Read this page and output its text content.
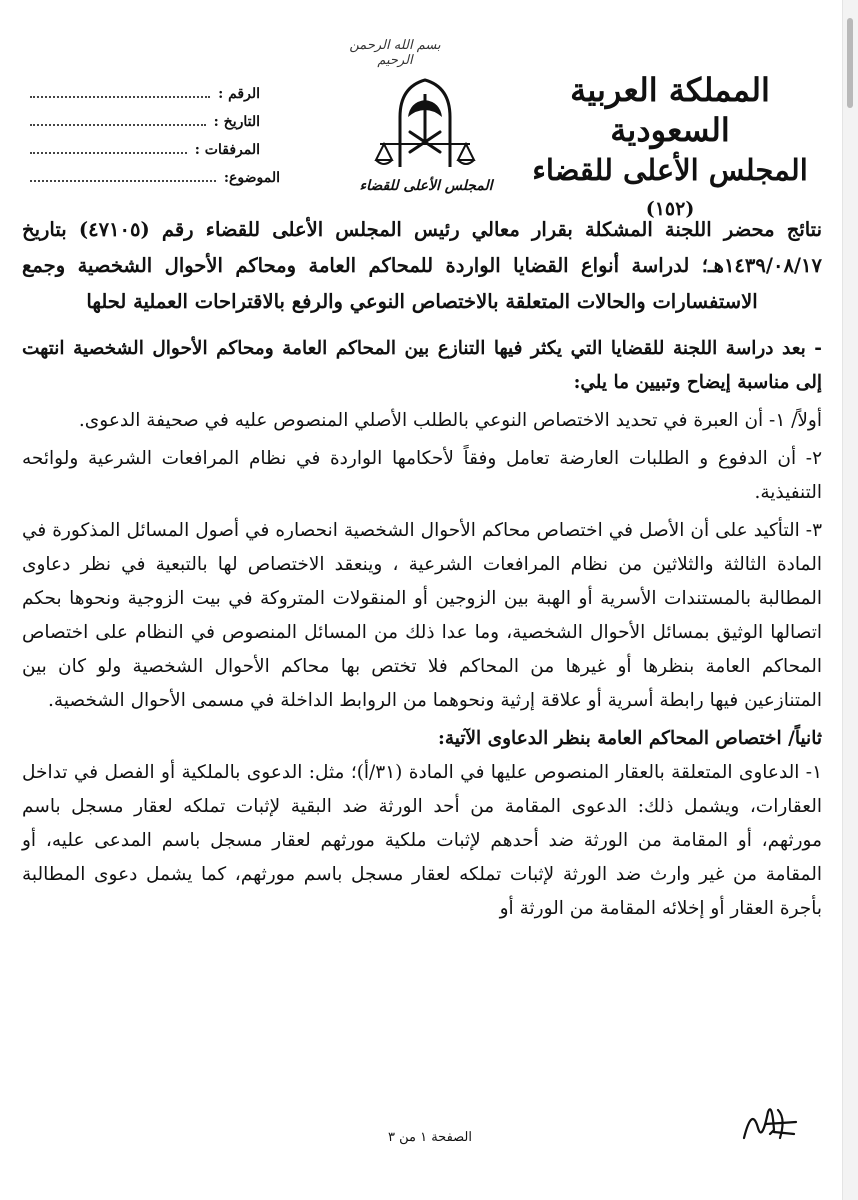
بسم الله الرحمن الرحيم
المملكة العربية السعودية
المجلس الأعلى للقضاء
(١٥٢)
المجلس الأعلى للقضاء
الرقم :
التاريخ :
المرفقات :
الموضوع:

نتائج محضر اللجنة المشكلة بقرار معالي رئيس المجلس الأعلى للقضاء رقم (٤٧١٠٥) بتاريخ ١٤٣٩/٠٨/١٧هـ؛ لدراسة أنواع القضايا الواردة للمحاكم العامة ومحاكم الأحوال الشخصية وجمع الاستفسارات والحالات المتعلقة بالاختصاص النوعي والرفع بالاقتراحات العملية لحلها

- بعد دراسة اللجنة للقضايا التي يكثر فيها التنازع بين المحاكم العامة ومحاكم الأحوال الشخصية انتهت إلى مناسبة إيضاح وتبيين ما يلي:

أولاً/ ١- أن العبرة في تحديد الاختصاص النوعي بالطلب الأصلي المنصوص عليه في صحيفة الدعوى.

٢- أن الدفوع و الطلبات العارضة تعامل وفقاً لأحكامها الواردة في نظام المرافعات الشرعية ولوائحه التنفيذية.

٣- التأكيد على أن الأصل في اختصاص محاكم الأحوال الشخصية انحصاره في أصول المسائل المذكورة في المادة الثالثة والثلاثين من نظام المرافعات الشرعية ، وينعقد الاختصاص لها بالتبعية في نظر دعاوى المطالبة بالمستندات الأسرية أو الهبة بين الزوجين أو المنقولات المتروكة في بيت الزوجية ونحوها بحكم اتصالها الوثيق بمسائل الأحوال الشخصية، وما عدا ذلك من المسائل المنصوص في النظام على اختصاص المحاكم العامة بنظرها أو غيرها من المحاكم فلا تختص بها محاكم الأحوال الشخصية ولو كان بين المتنازعين فيها رابطة أسرية أو علاقة إرثية ونحوهما من الروابط الداخلة في مسمى الأحوال الشخصية.

ثانياً/ اختصاص المحاكم العامة بنظر الدعاوى الآتية:

١- الدعاوى المتعلقة بالعقار المنصوص عليها في المادة (٣١/أ)؛ مثل: الدعوى بالملكية أو الفصل في تداخل العقارات، ويشمل ذلك: الدعوى المقامة من أحد الورثة ضد البقية لإثبات تملكه لعقار مسجل باسم مورثهم، أو المقامة من الورثة ضد أحدهم لإثبات ملكية مورثهم لعقار مسجل باسم المدعى عليه، أو المقامة من غير وارث ضد الورثة لإثبات تملكه لعقار مسجل باسم مورثهم، كما يشمل دعوى المطالبة بأجرة العقار أو إخلائه المقامة من الورثة أو

الصفحة ١ من ٣
